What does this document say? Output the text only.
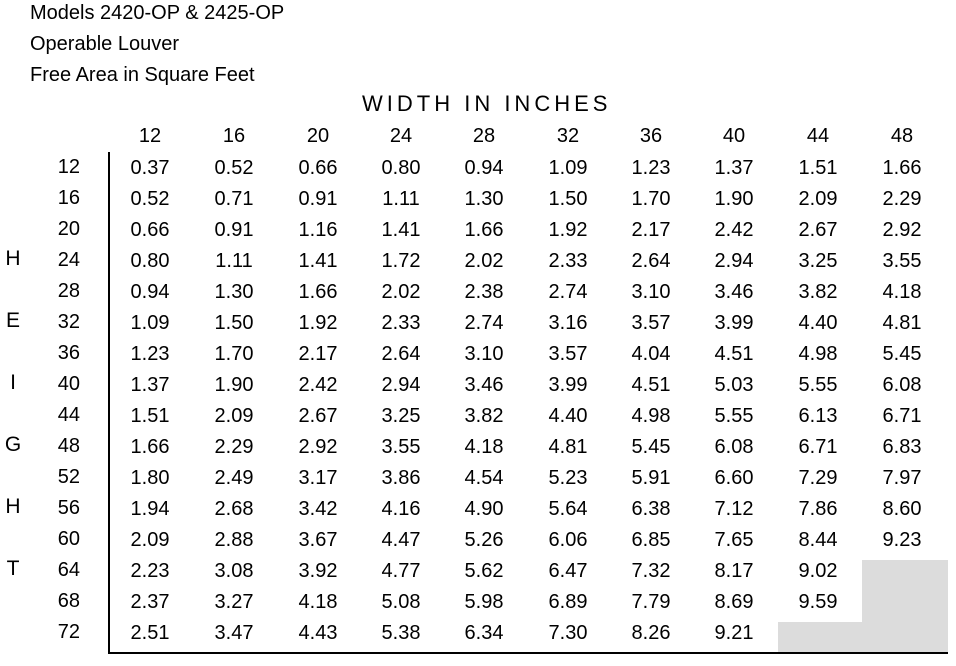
Models 2420-OP & 2425-OP
Operable Louver
Free Area in Square Feet
WIDTH IN INCHES
12	16	20	24	28	32	36	40	44	48
12	0.37	0.52	0.66	0.80	0.94	1.09	1.23	1.37	1.51	1.66
16	0.52	0.71	0.91	1.11	1.30	1.50	1.70	1.90	2.09	2.29
20	0.66	0.91	1.16	1.41	1.66	1.92	2.17	2.42	2.67	2.92
24	0.80	1.11	1.41	1.72	2.02	2.33	2.64	2.94	3.25	3.55
28	0.94	1.30	1.66	2.02	2.38	2.74	3.10	3.46	3.82	4.18
32	1.09	1.50	1.92	2.33	2.74	3.16	3.57	3.99	4.40	4.81
36	1.23	1.70	2.17	2.64	3.10	3.57	4.04	4.51	4.98	5.45
40	1.37	1.90	2.42	2.94	3.46	3.99	4.51	5.03	5.55	6.08
44	1.51	2.09	2.67	3.25	3.82	4.40	4.98	5.55	6.13	6.71
48	1.66	2.29	2.92	3.55	4.18	4.81	5.45	6.08	6.71	6.83
52	1.80	2.49	3.17	3.86	4.54	5.23	5.91	6.60	7.29	7.97
56	1.94	2.68	3.42	4.16	4.90	5.64	6.38	7.12	7.86	8.60
60	2.09	2.88	3.67	4.47	5.26	6.06	6.85	7.65	8.44	9.23
64	2.23	3.08	3.92	4.77	5.62	6.47	7.32	8.17	9.02
68	2.37	3.27	4.18	5.08	5.98	6.89	7.79	8.69	9.59
72	2.51	3.47	4.43	5.38	6.34	7.30	8.26	9.21
H
E
I
G
H
T
